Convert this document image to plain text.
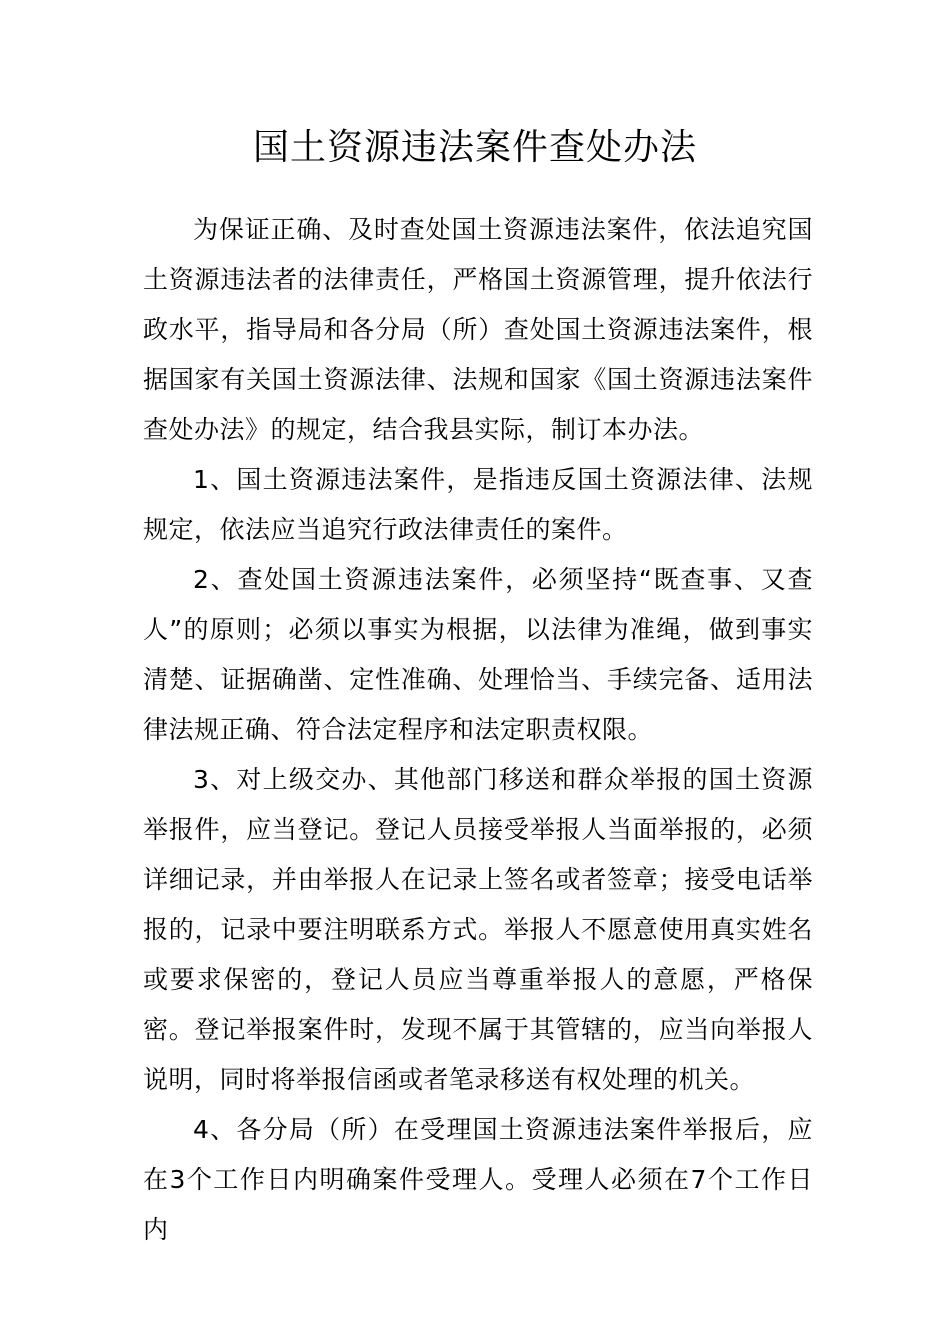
国土资源违法案件查处办法

为保证正确、及时查处国土资源违法案件，依法追究国土资源违法者的法律责任，严格国土资源管理，提升依法行政水平，指导局和各分局（所）查处国土资源违法案件，根据国家有关国土资源法律、法规和国家《国土资源违法案件查处办法》的规定，结合我县实际，制订本办法。

1、国土资源违法案件，是指违反国土资源法律、法规规定，依法应当追究行政法律责任的案件。

2、查处国土资源违法案件，必须坚持“既查事、又查人”的原则；必须以事实为根据，以法律为准绳，做到事实清楚、证据确凿、定性准确、处理恰当、手续完备、适用法律法规正确、符合法定程序和法定职责权限。

3、对上级交办、其他部门移送和群众举报的国土资源举报件，应当登记。登记人员接受举报人当面举报的，必须详细记录，并由举报人在记录上签名或者签章；接受电话举报的，记录中要注明联系方式。举报人不愿意使用真实姓名或要求保密的，登记人员应当尊重举报人的意愿，严格保密。登记举报案件时，发现不属于其管辖的，应当向举报人说明，同时将举报信函或者笔录移送有权处理的机关。

4、各分局（所）在受理国土资源违法案件举报后，应在3个工作日内明确案件受理人。受理人必须在7个工作日内
